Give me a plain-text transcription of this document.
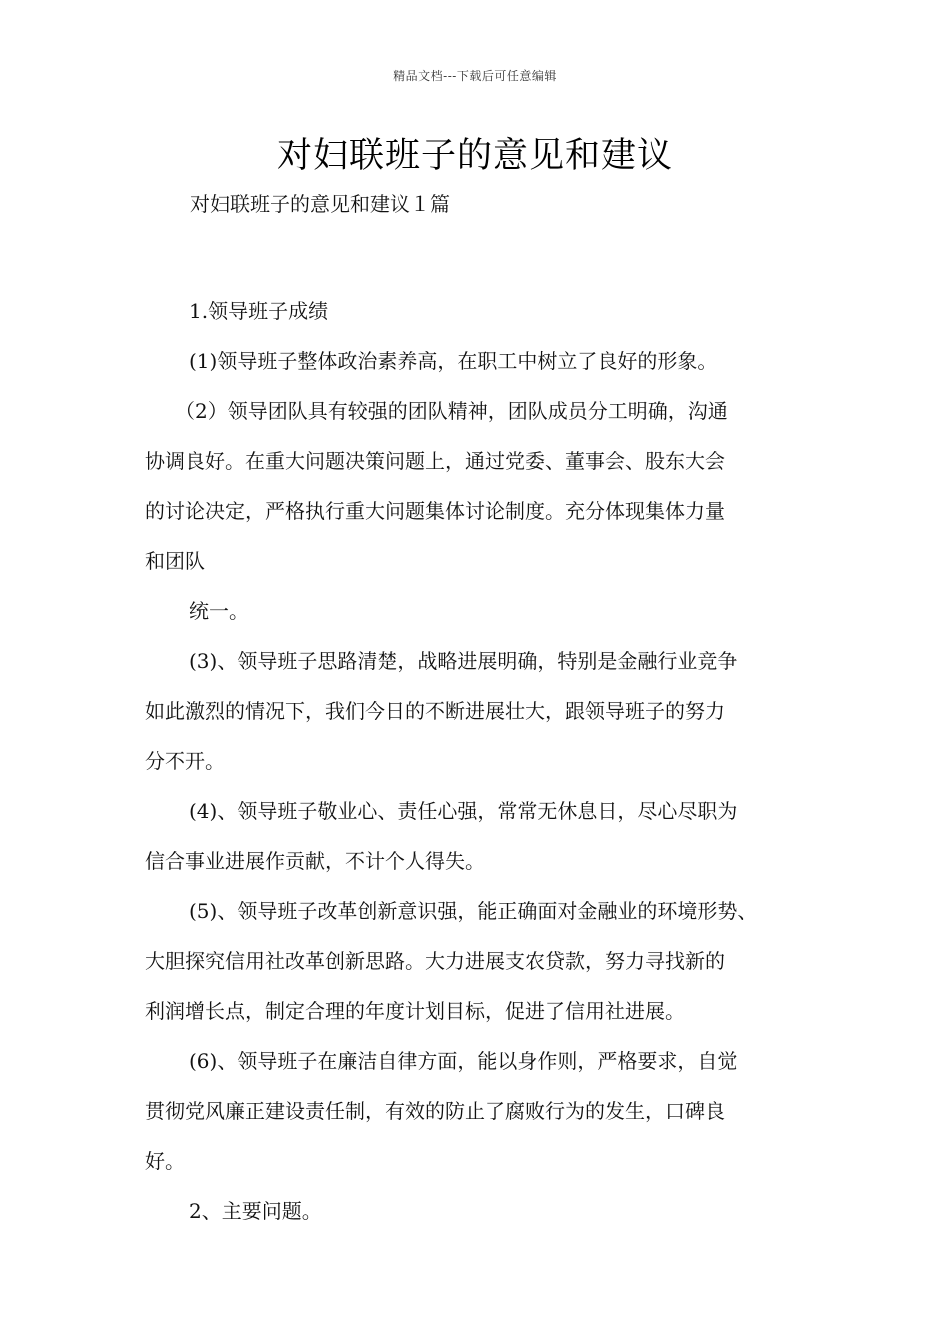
精品文档---下载后可任意编辑
对妇联班子的意见和建议
对妇联班子的意见和建议１篇

1.领导班子成绩

(1)领导班子整体政治素养高，在职工中树立了良好的形象。

（2）领导团队具有较强的团队精神，团队成员分工明确，沟通

协调良好。在重大问题决策问题上，通过党委、董事会、股东大会

的讨论决定，严格执行重大问题集体讨论制度。充分体现集体力量

和团队

统一。

(3)、领导班子思路清楚，战略进展明确，特别是金融行业竞争

如此激烈的情况下，我们今日的不断进展壮大，跟领导班子的努力

分不开。

(4)、领导班子敬业心、责任心强，常常无休息日，尽心尽职为

信合事业进展作贡献，不计个人得失。

(5)、领导班子改革创新意识强，能正确面对金融业的环境形势、

大胆探究信用社改革创新思路。大力进展支农贷款，努力寻找新的

利润增长点，制定合理的年度计划目标，促进了信用社进展。

(6)、领导班子在廉洁自律方面，能以身作则，严格要求，自觉

贯彻党风廉正建设责任制，有效的防止了腐败行为的发生，口碑良

好。

2、主要问题。
